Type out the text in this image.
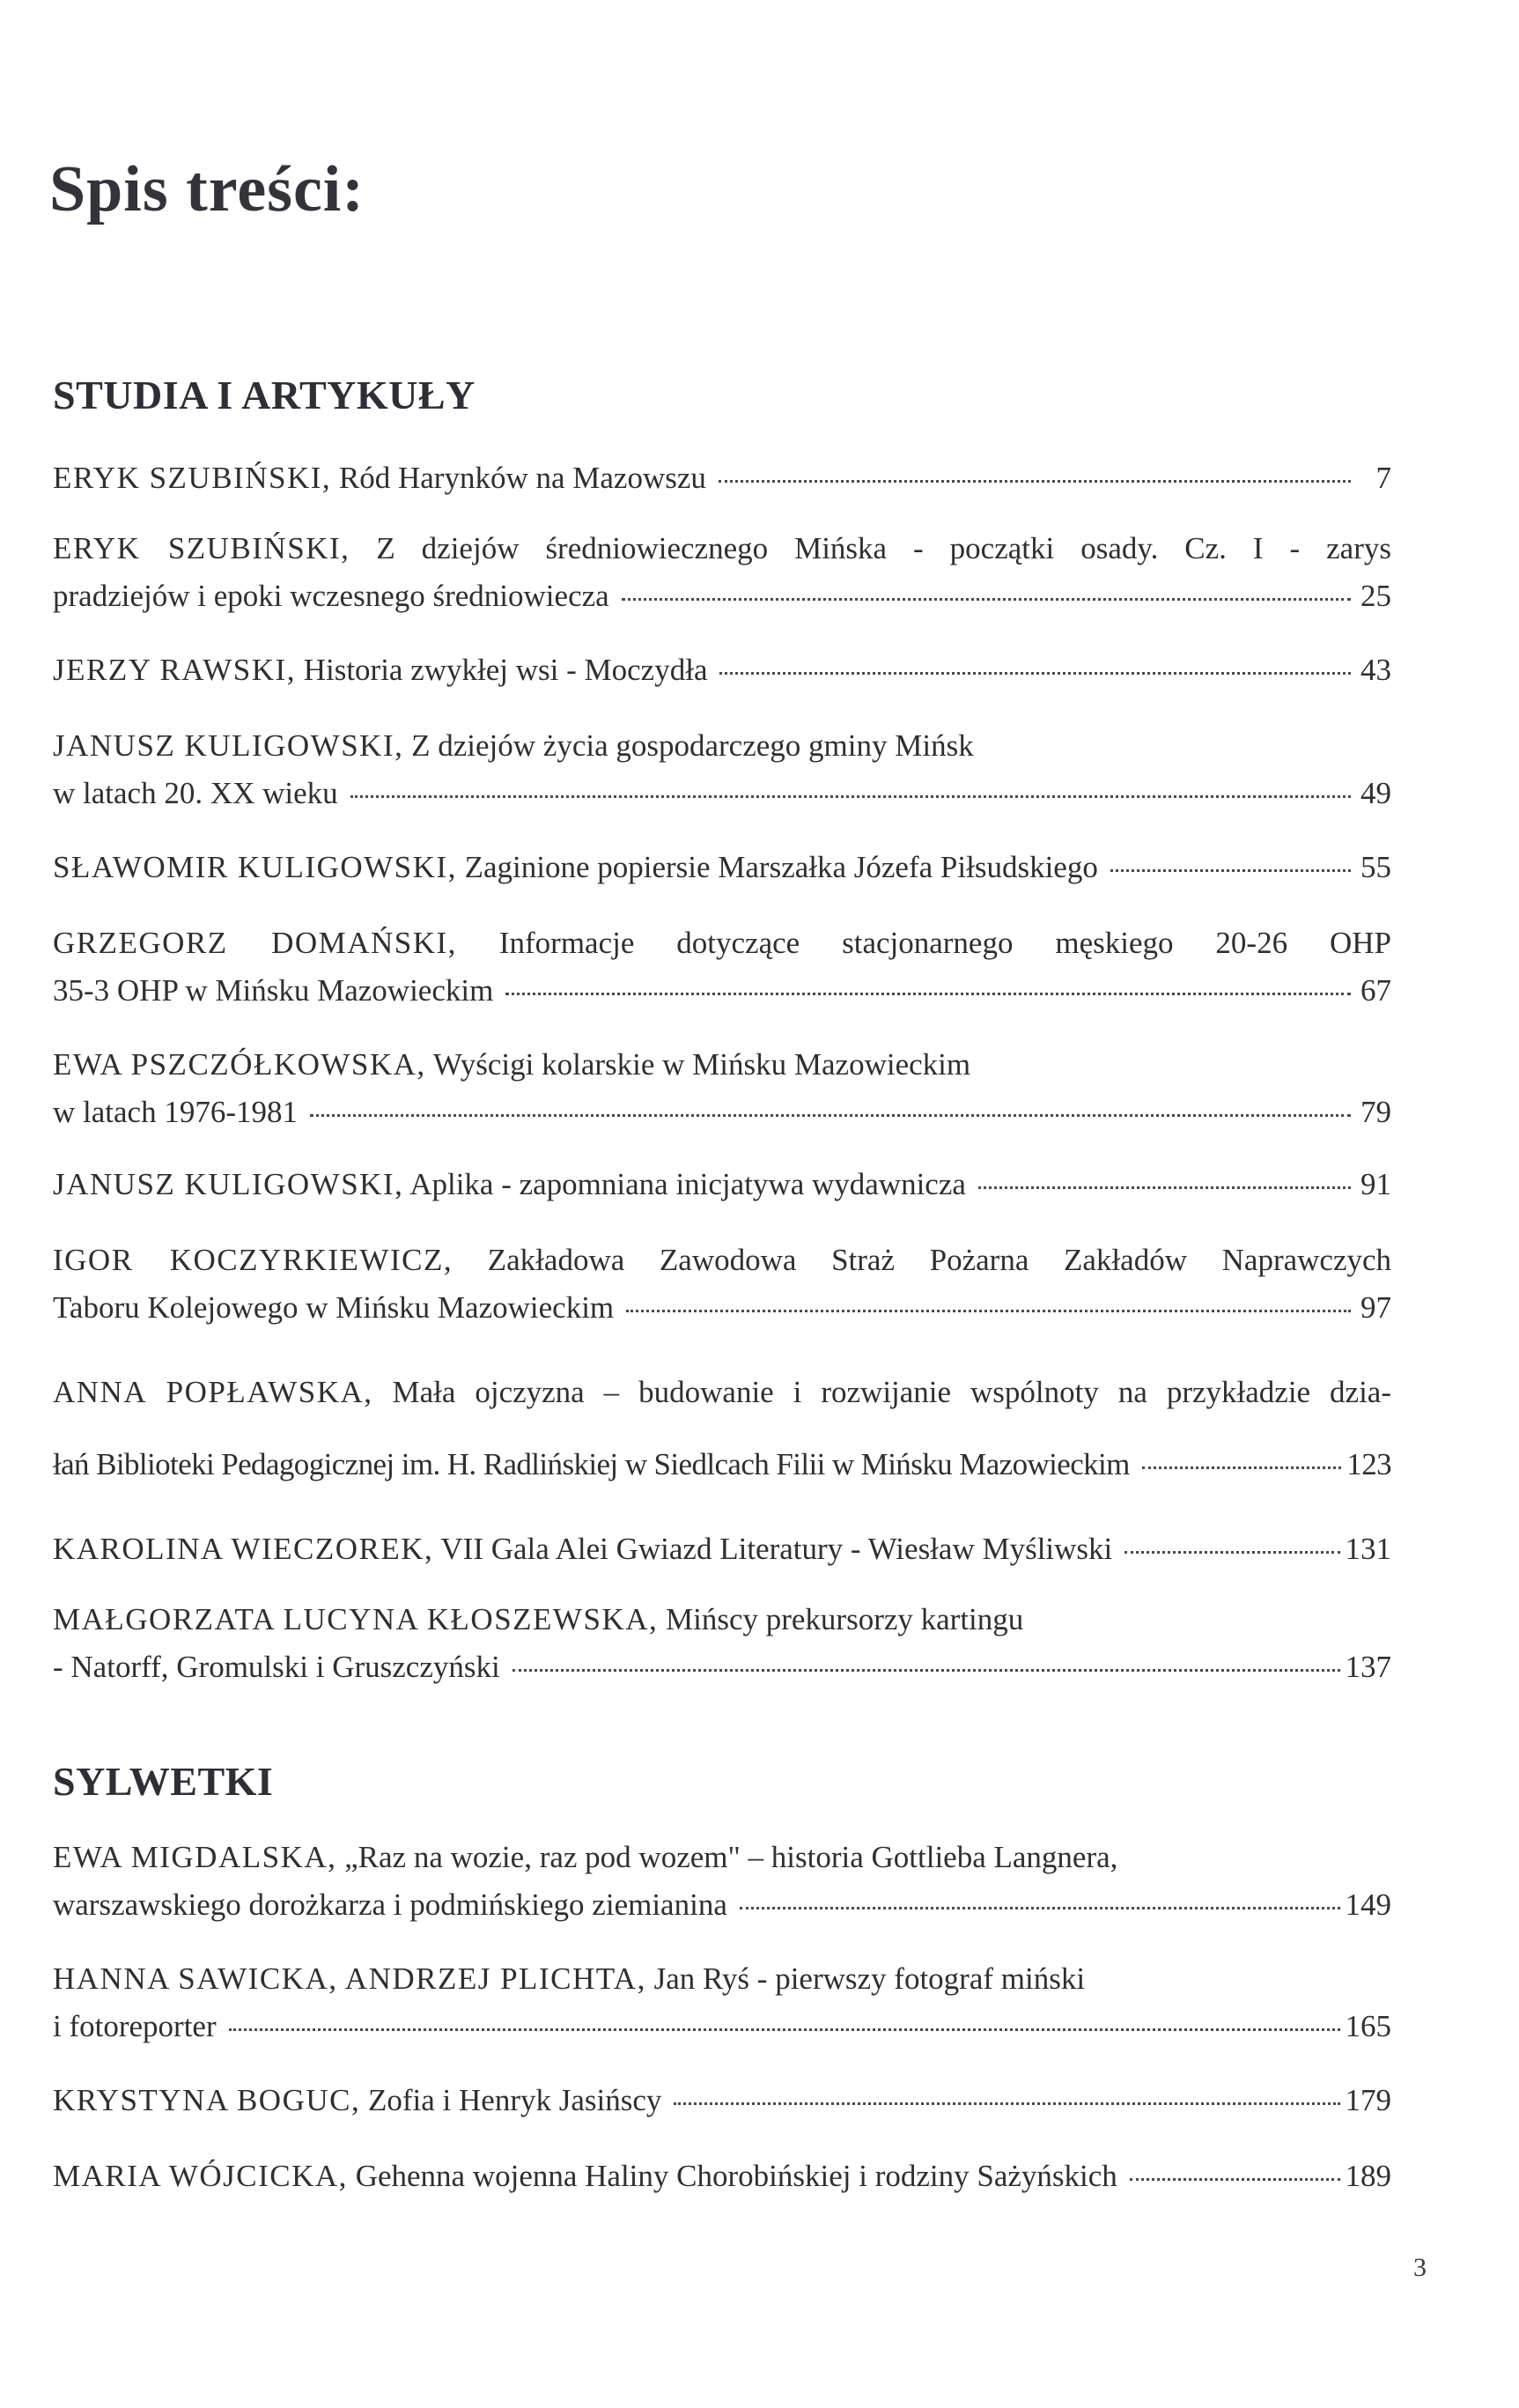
Spis treści:
STUDIA I ARTYKUŁY
ERYK SZUBIŃSKI, Ród Harynków na Mazowszu	7
ERYK SZUBIŃSKI, Z dziejów średniowiecznego Mińska - początki osady. Cz. I - zarys
pradziejów i epoki wczesnego średniowiecza	25
JERZY RAWSKI, Historia zwykłej wsi - Moczydła	43
JANUSZ KULIGOWSKI, Z dziejów życia gospodarczego gminy Mińsk
w latach 20. XX wieku	49
SŁAWOMIR KULIGOWSKI, Zaginione popiersie Marszałka Józefa Piłsudskiego	55
GRZEGORZ DOMAŃSKI, Informacje dotyczące stacjonarnego męskiego 20-26 OHP
35-3 OHP w Mińsku Mazowieckim	67
EWA PSZCZÓŁKOWSKA, Wyścigi kolarskie w Mińsku Mazowieckim
w latach 1976-1981	79
JANUSZ KULIGOWSKI, Aplika - zapomniana inicjatywa wydawnicza	91
IGOR KOCZYRKIEWICZ, Zakładowa Zawodowa Straż Pożarna Zakładów Naprawczych
Taboru Kolejowego w Mińsku Mazowieckim	97
ANNA POPŁAWSKA, Mała ojczyzna – budowanie i rozwijanie wspólnoty na przykładzie dzia-
łań Biblioteki Pedagogicznej im. H. Radlińskiej w Siedlcach Filii w Mińsku Mazowieckim	123
KAROLINA WIECZOREK, VII Gala Alei Gwiazd Literatury - Wiesław Myśliwski	131
MAŁGORZATA LUCYNA KŁOSZEWSKA, Mińscy prekursorzy kartingu
- Natorff, Gromulski i Gruszczyński	137
SYLWETKI
EWA MIGDALSKA, „Raz na wozie, raz pod wozem" – historia Gottlieba Langnera,
warszawskiego dorożkarza i podmińskiego ziemianina	149
HANNA SAWICKA, ANDRZEJ PLICHTA, Jan Ryś - pierwszy fotograf miński
i fotoreporter	165
KRYSTYNA BOGUC, Zofia i Henryk Jasińscy	179
MARIA WÓJCICKA, Gehenna wojenna Haliny Chorobińskiej i rodziny Sażyńskich	189
3
